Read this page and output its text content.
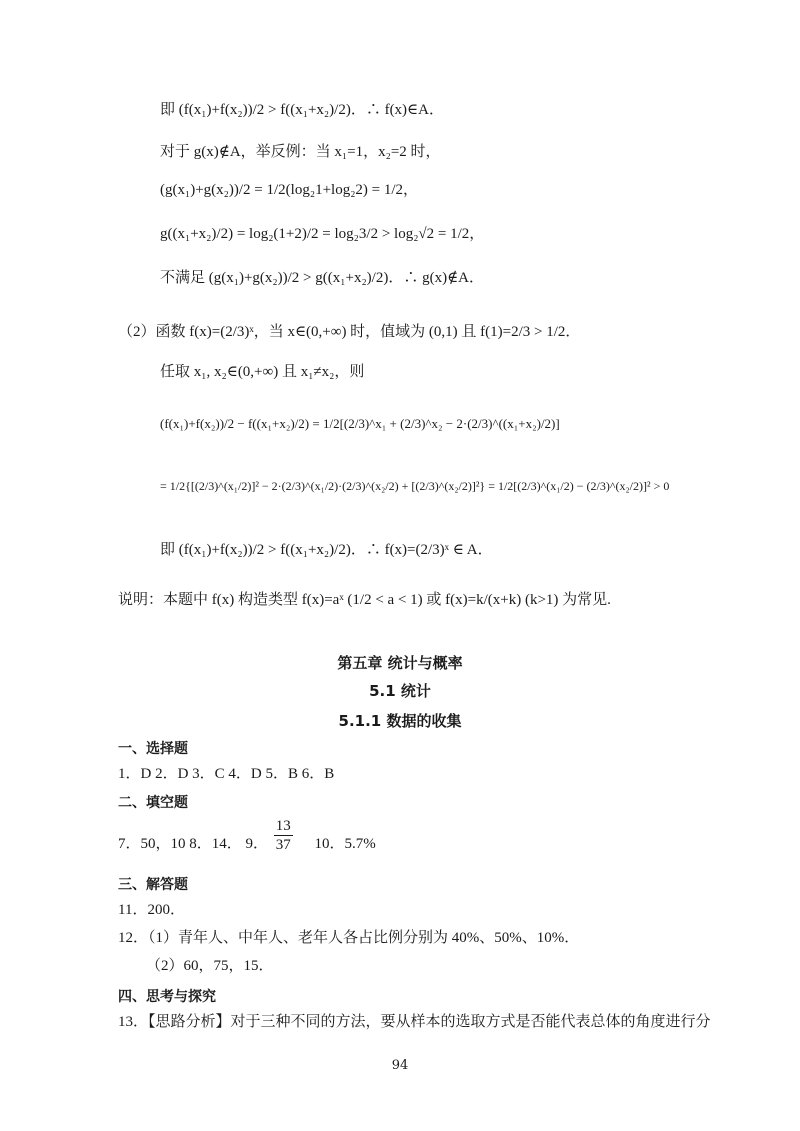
即 (f(x₁)+f(x₂))/2 > f((x₁+x₂)/2)．∴ f(x)∈A．
对于 g(x)∉A，举反例：当 x₁=1，x₂=2 时，
(g(x₁)+g(x₂))/2 = 1/2(log₂1+log₂2) = 1/2，
g((x₁+x₂)/2) = log₂(1+2)/2 = log₂3/2 > log₂√2 = 1/2，
不满足 (g(x₁)+g(x₂))/2 > g((x₁+x₂)/2)．∴ g(x)∉A．
（2）函数 f(x)=(2/3)ˣ，当 x∈(0,+∞) 时，值域为 (0,1) 且 f(1)=2/3 > 1/2．
任取 x₁, x₂∈(0,+∞) 且 x₁≠x₂，则
(f(x₁)+f(x₂))/2 − f((x₁+x₂)/2) = 1/2[(2/3)^x₁ + (2/3)^x₂ − 2·(2/3)^((x₁+x₂)/2)]
= 1/2{[(2/3)^(x₁/2)]² − 2·(2/3)^(x₁/2)·(2/3)^(x₂/2) + [(2/3)^(x₂/2)]²} = 1/2[(2/3)^(x₁/2) − (2/3)^(x₂/2)]² > 0
即 (f(x₁)+f(x₂))/2 > f((x₁+x₂)/2)．∴ f(x)=(2/3)ˣ ∈ A．
说明：本题中 f(x) 构造类型 f(x)=aˣ (1/2 < a < 1) 或 f(x)=k/(x+k) (k>1) 为常见.
第五章 统计与概率
5.1 统计
5.1.1 数据的收集
一、选择题
1．D 2．D 3．C 4．D 5．B 6．B
二、填空题
7．50，10 8．14． 9． $\frac{13}{37} 10$．5.7%
三、解答题
11．200．
12．（1）青年人、中年人、老年人各占比例分别为 40%、50%、10%．
（2）60，75，15．
四、思考与探究
13．【思路分析】对于三种不同的方法，要从样本的选取方式是否能代表总体的角度进行分
94
